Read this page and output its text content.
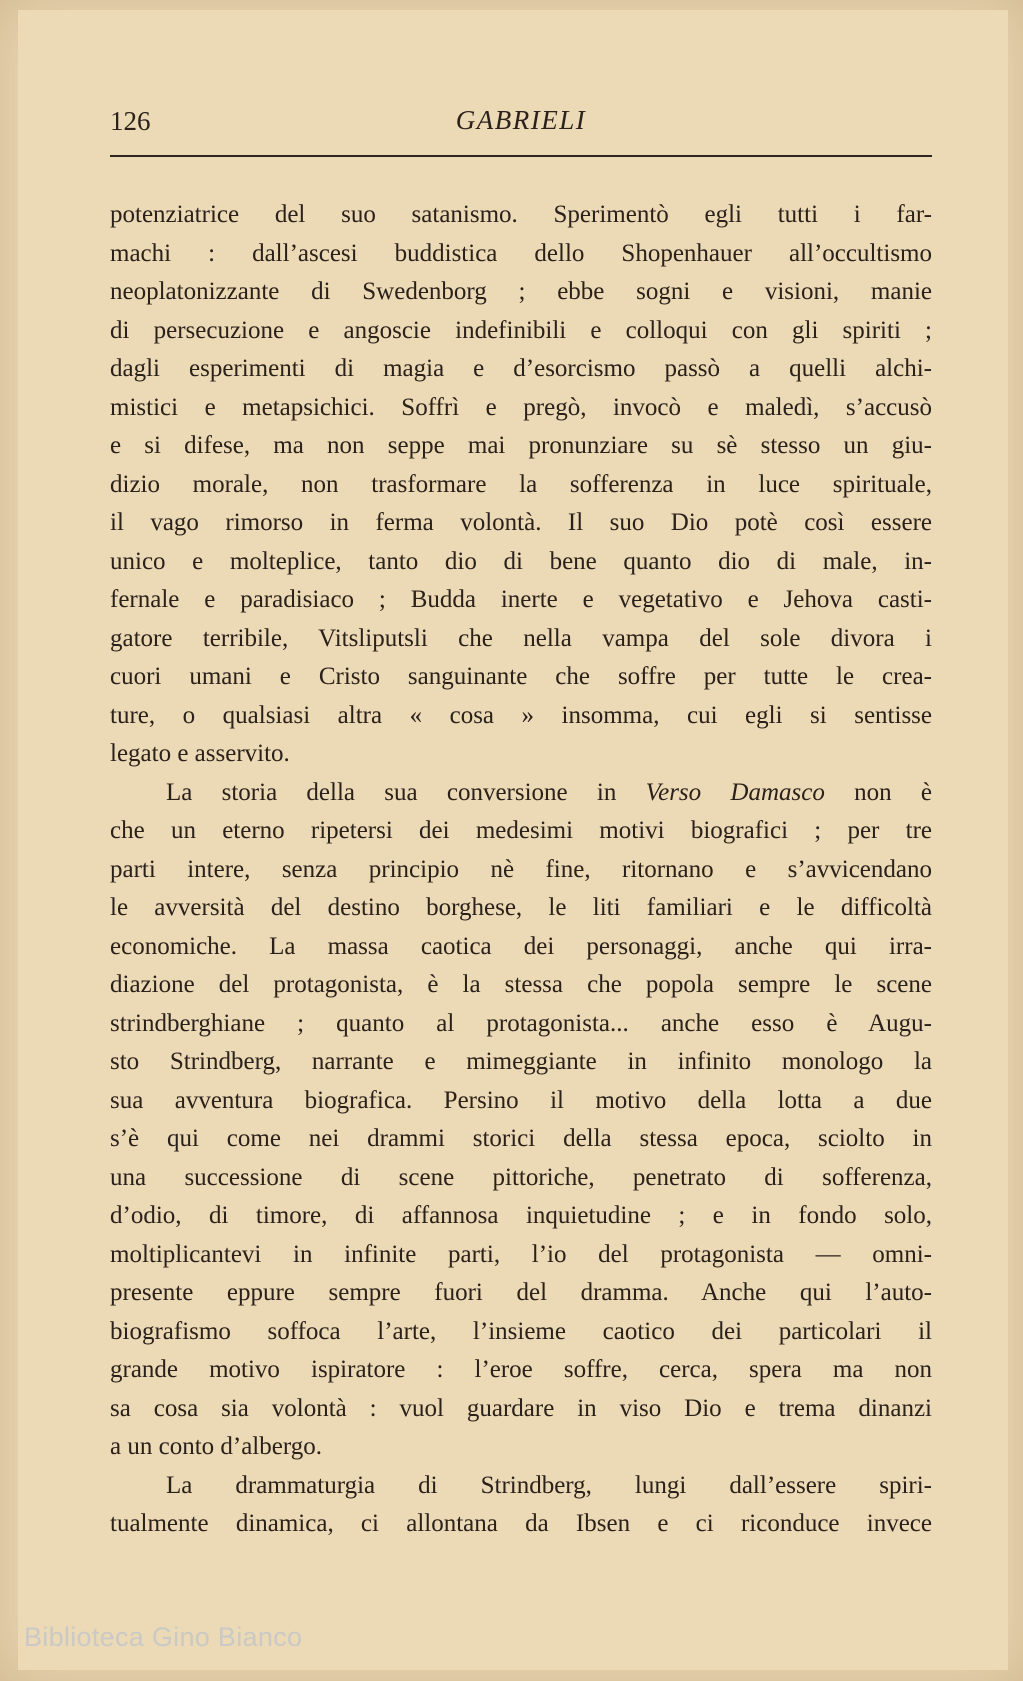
126	GABRIELI
potenziatrice del suo satanismo. Sperimentò egli tutti i far-
machi : dall’ascesi buddistica dello Shopenhauer all’occultismo
neoplatonizzante di Swedenborg ; ebbe sogni e visioni, manie
di persecuzione e angoscie indefinibili e colloqui con gli spiriti ;
dagli esperimenti di magia e d’esorcismo passò a quelli alchi-
mistici e metapsichici. Soffrì e pregò, invocò e maledì, s’accusò
e si difese, ma non seppe mai pronunziare su sè stesso un giu-
dizio morale, non trasformare la sofferenza in luce spirituale,
il vago rimorso in ferma volontà. Il suo Dio potè così essere
unico e molteplice, tanto dio di bene quanto dio di male, in-
fernale e paradisiaco ; Budda inerte e vegetativo e Jehova casti-
gatore terribile, Vitsliputsli che nella vampa del sole divora i
cuori umani e Cristo sanguinante che soffre per tutte le crea-
ture, o qualsiasi altra « cosa » insomma, cui egli si sentisse
legato e asservito.
La storia della sua conversione in Verso Damasco non è
che un eterno ripetersi dei medesimi motivi biografici ; per tre
parti intere, senza principio nè fine, ritornano e s’avvicendano
le avversità del destino borghese, le liti familiari e le difficoltà
economiche. La massa caotica dei personaggi, anche qui irra-
diazione del protagonista, è la stessa che popola sempre le scene
strindberghiane ; quanto al protagonista... anche esso è Augu-
sto Strindberg, narrante e mimeggiante in infinito monologo la
sua avventura biografica. Persino il motivo della lotta a due
s’è qui come nei drammi storici della stessa epoca, sciolto in
una successione di scene pittoriche, penetrato di sofferenza,
d’odio, di timore, di affannosa inquietudine ; e in fondo solo,
moltiplicantevi in infinite parti, l’io del protagonista — omni-
presente eppure sempre fuori del dramma. Anche qui l’auto-
biografismo soffoca l’arte, l’insieme caotico dei particolari il
grande motivo ispiratore : l’eroe soffre, cerca, spera ma non
sa cosa sia volontà : vuol guardare in viso Dio e trema dinanzi
a un conto d’albergo.
La drammaturgia di Strindberg, lungi dall’essere spiri-
tualmente dinamica, ci allontana da Ibsen e ci riconduce invece
Biblioteca Gino Bianco
